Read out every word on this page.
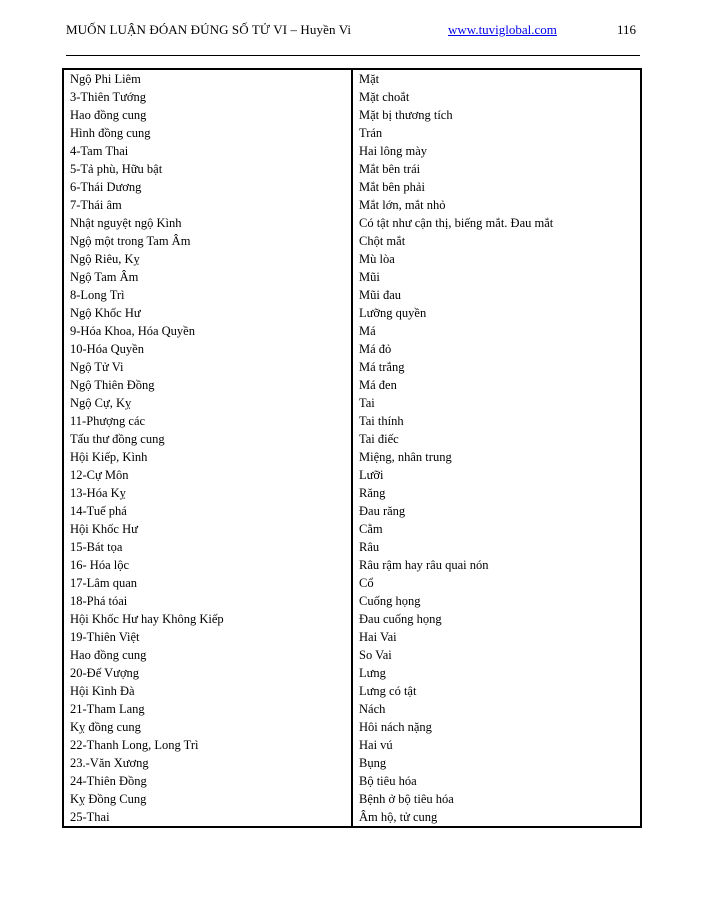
MUỐN LUẬN ĐÓAN ĐÚNG SỐ TỬ VI – Huyền Vi	www.tuviglobal.com	116
Ngộ Phi Liêm	Mặt
3-Thiên Tướng	Mặt choắt
Hao đồng cung	Mặt bị thương tích
Hình đồng cung	Trán
4-Tam Thai	Hai lông mày
5-Tả phù, Hữu bật	Mắt bên trái
6-Thái Dương	Mắt bên phải
7-Thái âm	Mắt lớn, mắt nhỏ
Nhật nguyệt ngộ Kình	Có tật như cận thị, biếng mắt. Đau mắt
Ngộ một trong Tam Âm	Chột mắt
Ngộ Riêu, Kỵ	Mù lòa
Ngộ Tam Âm	Mũi
8-Long Trì	Mũi đau
Ngộ Khốc Hư	Lưỡng quyền
9-Hóa Khoa, Hóa Quyền	Má
10-Hóa Quyền	Má đỏ
Ngộ Tử Vi	Má trắng
Ngộ Thiên Đồng	Má đen
Ngộ Cự, Kỵ	Tai
11-Phượng các	Tai thính
Tấu thư đồng cung	Tai điếc
Hội Kiếp, Kình	Miệng, nhân trung
12-Cự Môn	Lưỡi
13-Hóa Kỵ	Răng
14-Tuế phá	Đau răng
Hội Khốc Hư	Cằm
15-Bát tọa	Râu
16- Hóa lộc	Râu rậm hay râu quai nón
17-Lâm quan	Cổ
18-Phá tóai	Cuống họng
Hội Khốc Hư hay Không Kiếp	Đau cuống họng
19-Thiên Việt	Hai Vai
Hao đồng cung	So Vai
20-Đế Vượng	Lưng
Hội Kình Đà	Lưng có tật
21-Tham Lang	Nách
Kỵ đồng cung	Hôi nách nặng
22-Thanh Long, Long Trì	Hai vú
23.-Văn Xương	Bụng
24-Thiên Đồng	Bộ tiêu hóa
Kỵ Đồng Cung	Bệnh ở bộ tiêu hóa
25-Thai	Âm hộ, tử cung
